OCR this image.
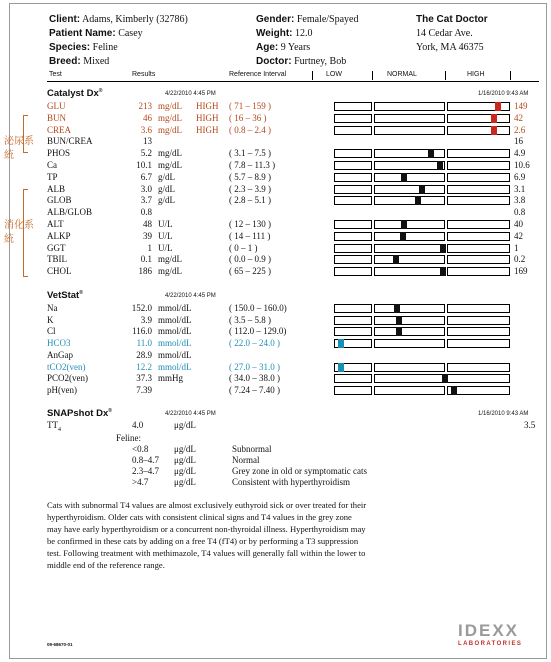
Client: Adams, Kimberly (32786)
Patient Name: Casey
Species: Feline
Breed: Mixed
Gender: Female/Spayed
Weight: 12.0
Age: 9 Years
Doctor: Furtney, Bob
The Cat Doctor
14 Cedar Ave.
York, MA 46375
Test	Results	Reference Interval	LOW	NORMAL	HIGH
Catalyst Dx®	4/22/2010 4:45 PM	1/16/2010 9:43 AM
GLU	213 mg/dL HIGH ( 71 – 159 )	149
BUN	46 mg/dL HIGH ( 16 – 36 )	42
CREA	3.6 mg/dL HIGH ( 0.8 – 2.4 )	2.6
BUN/CREA	13	16
PHOS	5.2 mg/dL	( 3.1 – 7.5 )	4.9
Ca	10.1 mg/dL	( 7.8 – 11.3 )	10.6
TP	6.7 g/dL	( 5.7 – 8.9 )	6.9
ALB	3.0 g/dL	( 2.3 – 3.9 )	3.1
GLOB	3.7 g/dL	( 2.8 – 5.1 )	3.8
ALB/GLOB	0.8	0.8
ALT	48 U/L	( 12 – 130 )	40
ALKP	39 U/L	( 14 – 111 )	42
GGT	1 U/L	( 0 – 1 )	1
TBIL	0.1 mg/dL	( 0.0 – 0.9 )	0.2
CHOL	186 mg/dL	( 65 – 225 )	169
泌尿系統
消化系統
VetStat®	4/22/2010 4:45 PM
Na	152.0 mmol/dL	( 150.0 – 160.0)
K	3.9 mmol/dL	( 3.5 – 5.8 )
Cl	116.0 mmol/dL	( 112.0 – 129.0)
HCO3	11.0 mmol/dL	( 22.0 – 24.0 )
AnGap	28.9 mmol/dL
tCO2(ven)	12.2 mmol/dL	( 27.0 – 31.0 )
PCO2(ven)	37.3 mmHg	( 34.0 – 38.0 )
pH(ven)	7.39	( 7.24 – 7.40 )
SNAPshot Dx®	4/22/2010 4:45 PM	1/16/2010 9:43 AM
$TT_4$	4.0	μg/dL	3.5
Feline:
<0.8	μg/dL	Subnormal
0.8–4.7 μg/dL	Normal
2.3–4.7 μg/dL	Grey zone in old or symptomatic cats
>4.7	μg/dL	Consistent with hyperthyroidism
Cats with subnormal T4 values are almost exclusively euthyroid sick or over treated for their
hyperthyroidism. Older cats with consistent clinical signs and T4 values in the grey zone
may have early hyperthyroidism or a concurrent non-thyroidal illness. Hyperthyroidism may
be confirmed in these cats by adding on a free T4 (fT4) or by performing a T3 suppression
test. Following treatment with methimazole, T4 values will generally fall within the lower to
middle end of the reference range.
09-68670-01
IDEXX
LABORATORIES
